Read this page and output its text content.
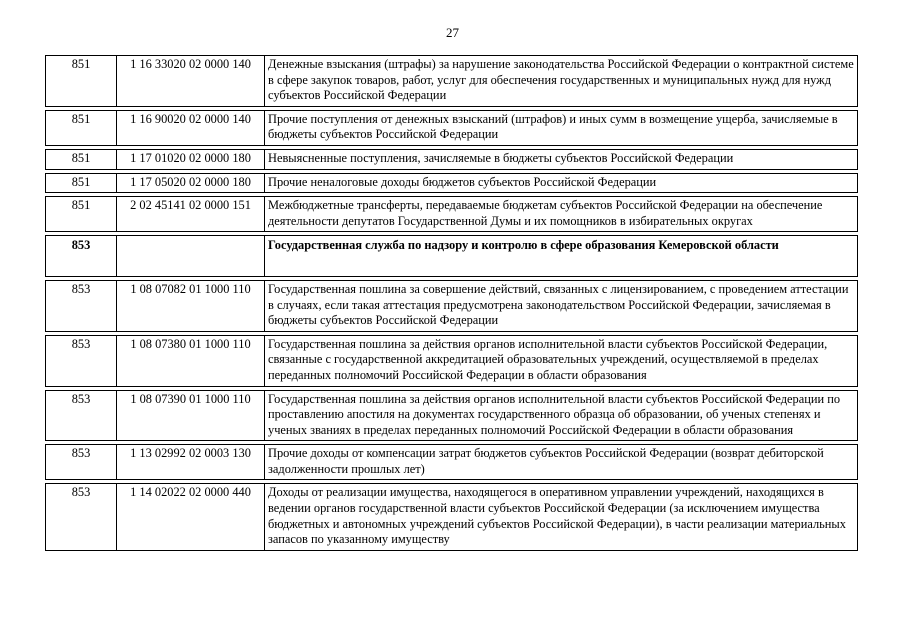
27
851	1 16 33020 02 0000 140	Денежные взыскания (штрафы) за нарушение законодательства Российской Федерации о контрактной системе в сфере закупок товаров, работ, услуг для обеспечения государственных и муниципальных нужд для нужд субъектов Российской Федерации

851	1 16 90020 02 0000 140	Прочие поступления от денежных взысканий (штрафов) и иных сумм в возмещение ущерба, зачисляемые в бюджеты субъектов Российской Федерации

851	1 17 01020 02 0000 180	Невыясненные поступления, зачисляемые в бюджеты субъектов Российской Федерации

851	1 17 05020 02 0000 180	Прочие неналоговые доходы бюджетов субъектов Российской Федерации

851	2 02 45141 02 0000 151	Межбюджетные трансферты, передаваемые бюджетам субъектов Российской Федерации на обеспечение деятельности депутатов Государственной Думы и их помощников в избирательных округах

853		Государственная служба по надзору и контролю в сфере образования Кемеровской области

853	1 08 07082 01 1000 110	Государственная пошлина за совершение действий, связанных с лицензированием, с проведением аттестации в случаях, если такая аттестация предусмотрена законодательством Российской Федерации, зачисляемая в бюджеты субъектов Российской Федерации

853	1 08 07380 01 1000 110	Государственная пошлина за действия органов исполнительной власти субъектов Российской Федерации, связанные с государственной аккредитацией образовательных учреждений, осуществляемой в пределах переданных полномочий Российской Федерации в области образования

853	1 08 07390 01 1000 110	Государственная пошлина за действия органов исполнительной власти субъектов Российской Федерации по проставлению апостиля на документах государственного образца об образовании, об ученых степенях и ученых званиях в пределах переданных полномочий Российской Федерации в области образования

853	1 13 02992 02 0003 130	Прочие доходы от компенсации затрат бюджетов субъектов Российской Федерации (возврат дебиторской задолженности прошлых лет)

853	1 14 02022 02 0000 440	Доходы от реализации имущества, находящегося в оперативном управлении учреждений, находящихся в ведении органов государственной власти субъектов Российской Федерации (за исключением имущества бюджетных и автономных учреждений субъектов Российской Федерации), в части реализации материальных запасов по указанному имуществу
